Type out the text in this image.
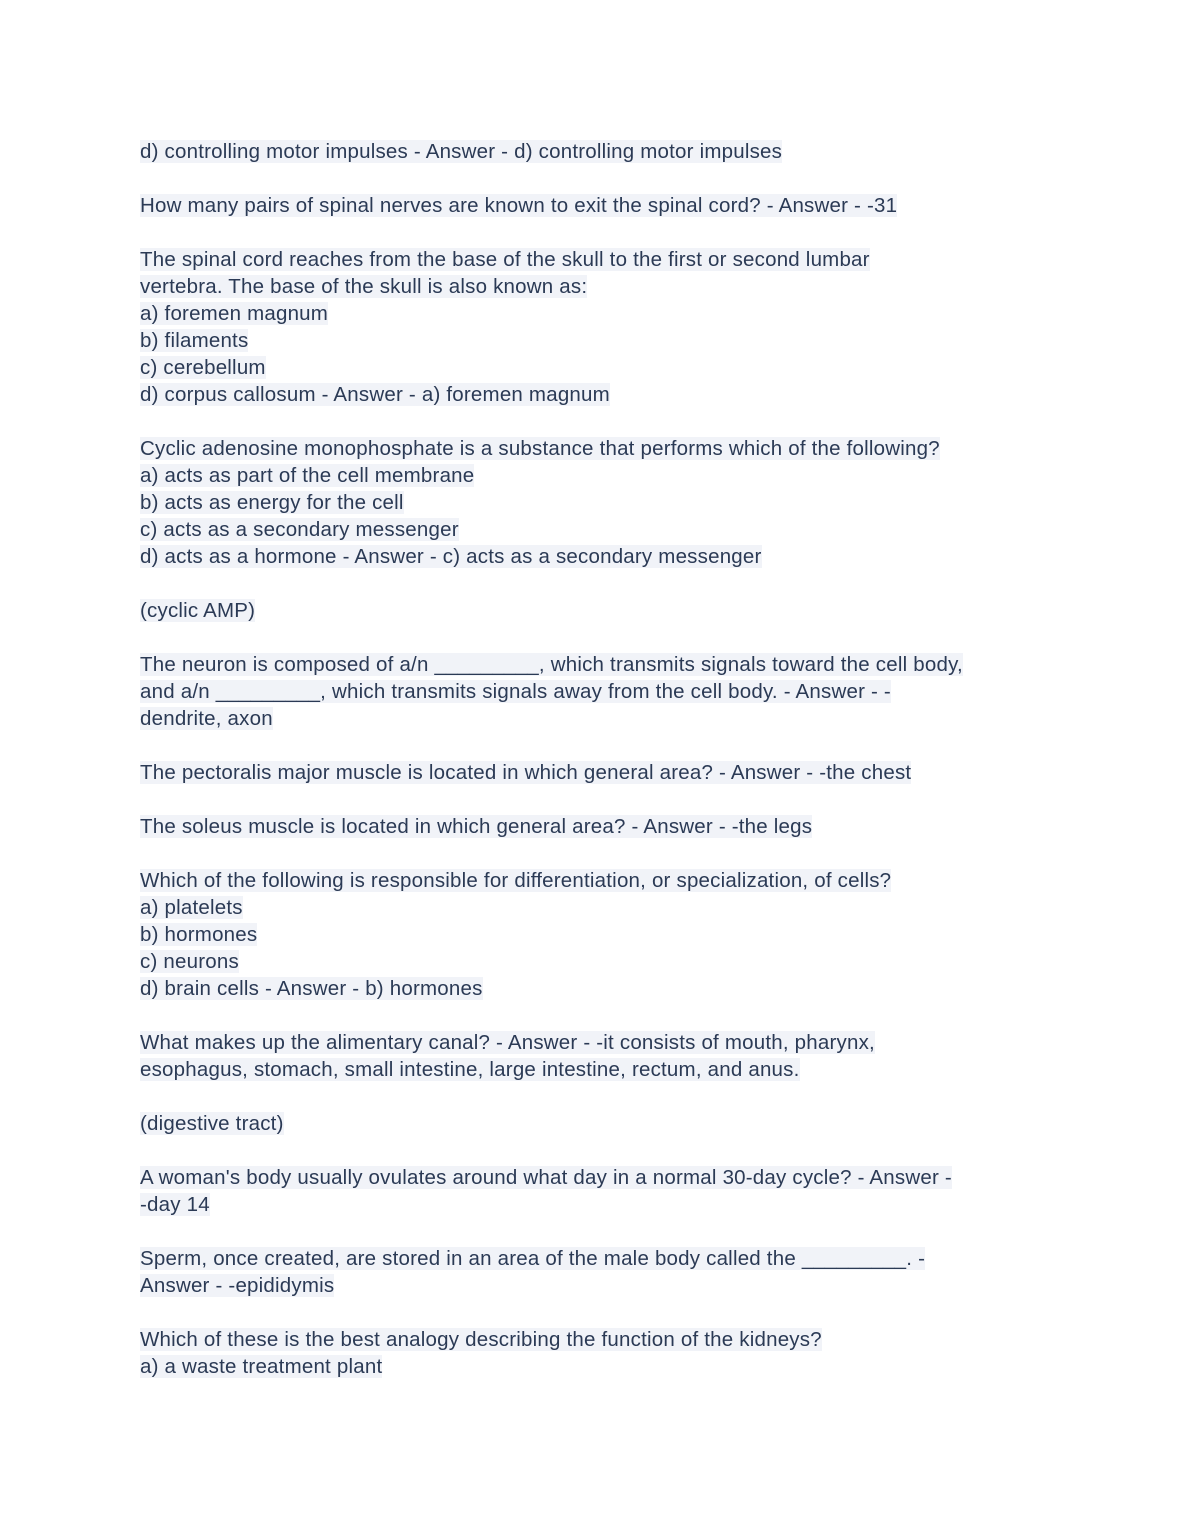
d) controlling motor impulses - Answer - d) controlling motor impulses

How many pairs of spinal nerves are known to exit the spinal cord? - Answer - -31

The spinal cord reaches from the base of the skull to the first or second lumbar
vertebra. The base of the skull is also known as:
a) foremen magnum
b) filaments
c) cerebellum
d) corpus callosum - Answer - a) foremen magnum

Cyclic adenosine monophosphate is a substance that performs which of the following?
a) acts as part of the cell membrane
b) acts as energy for the cell
c) acts as a secondary messenger
d) acts as a hormone - Answer - c) acts as a secondary messenger

(cyclic AMP)

The neuron is composed of a/n _________, which transmits signals toward the cell body,
and a/n _________, which transmits signals away from the cell body. - Answer - -
dendrite, axon

The pectoralis major muscle is located in which general area? - Answer - -the chest

The soleus muscle is located in which general area? - Answer - -the legs

Which of the following is responsible for differentiation, or specialization, of cells?
a) platelets
b) hormones
c) neurons
d) brain cells - Answer - b) hormones

What makes up the alimentary canal? - Answer - -it consists of mouth, pharynx,
esophagus, stomach, small intestine, large intestine, rectum, and anus.

(digestive tract)

A woman's body usually ovulates around what day in a normal 30-day cycle? - Answer -
-day 14

Sperm, once created, are stored in an area of the male body called the _________. -
Answer - -epididymis

Which of these is the best analogy describing the function of the kidneys?
a) a waste treatment plant
